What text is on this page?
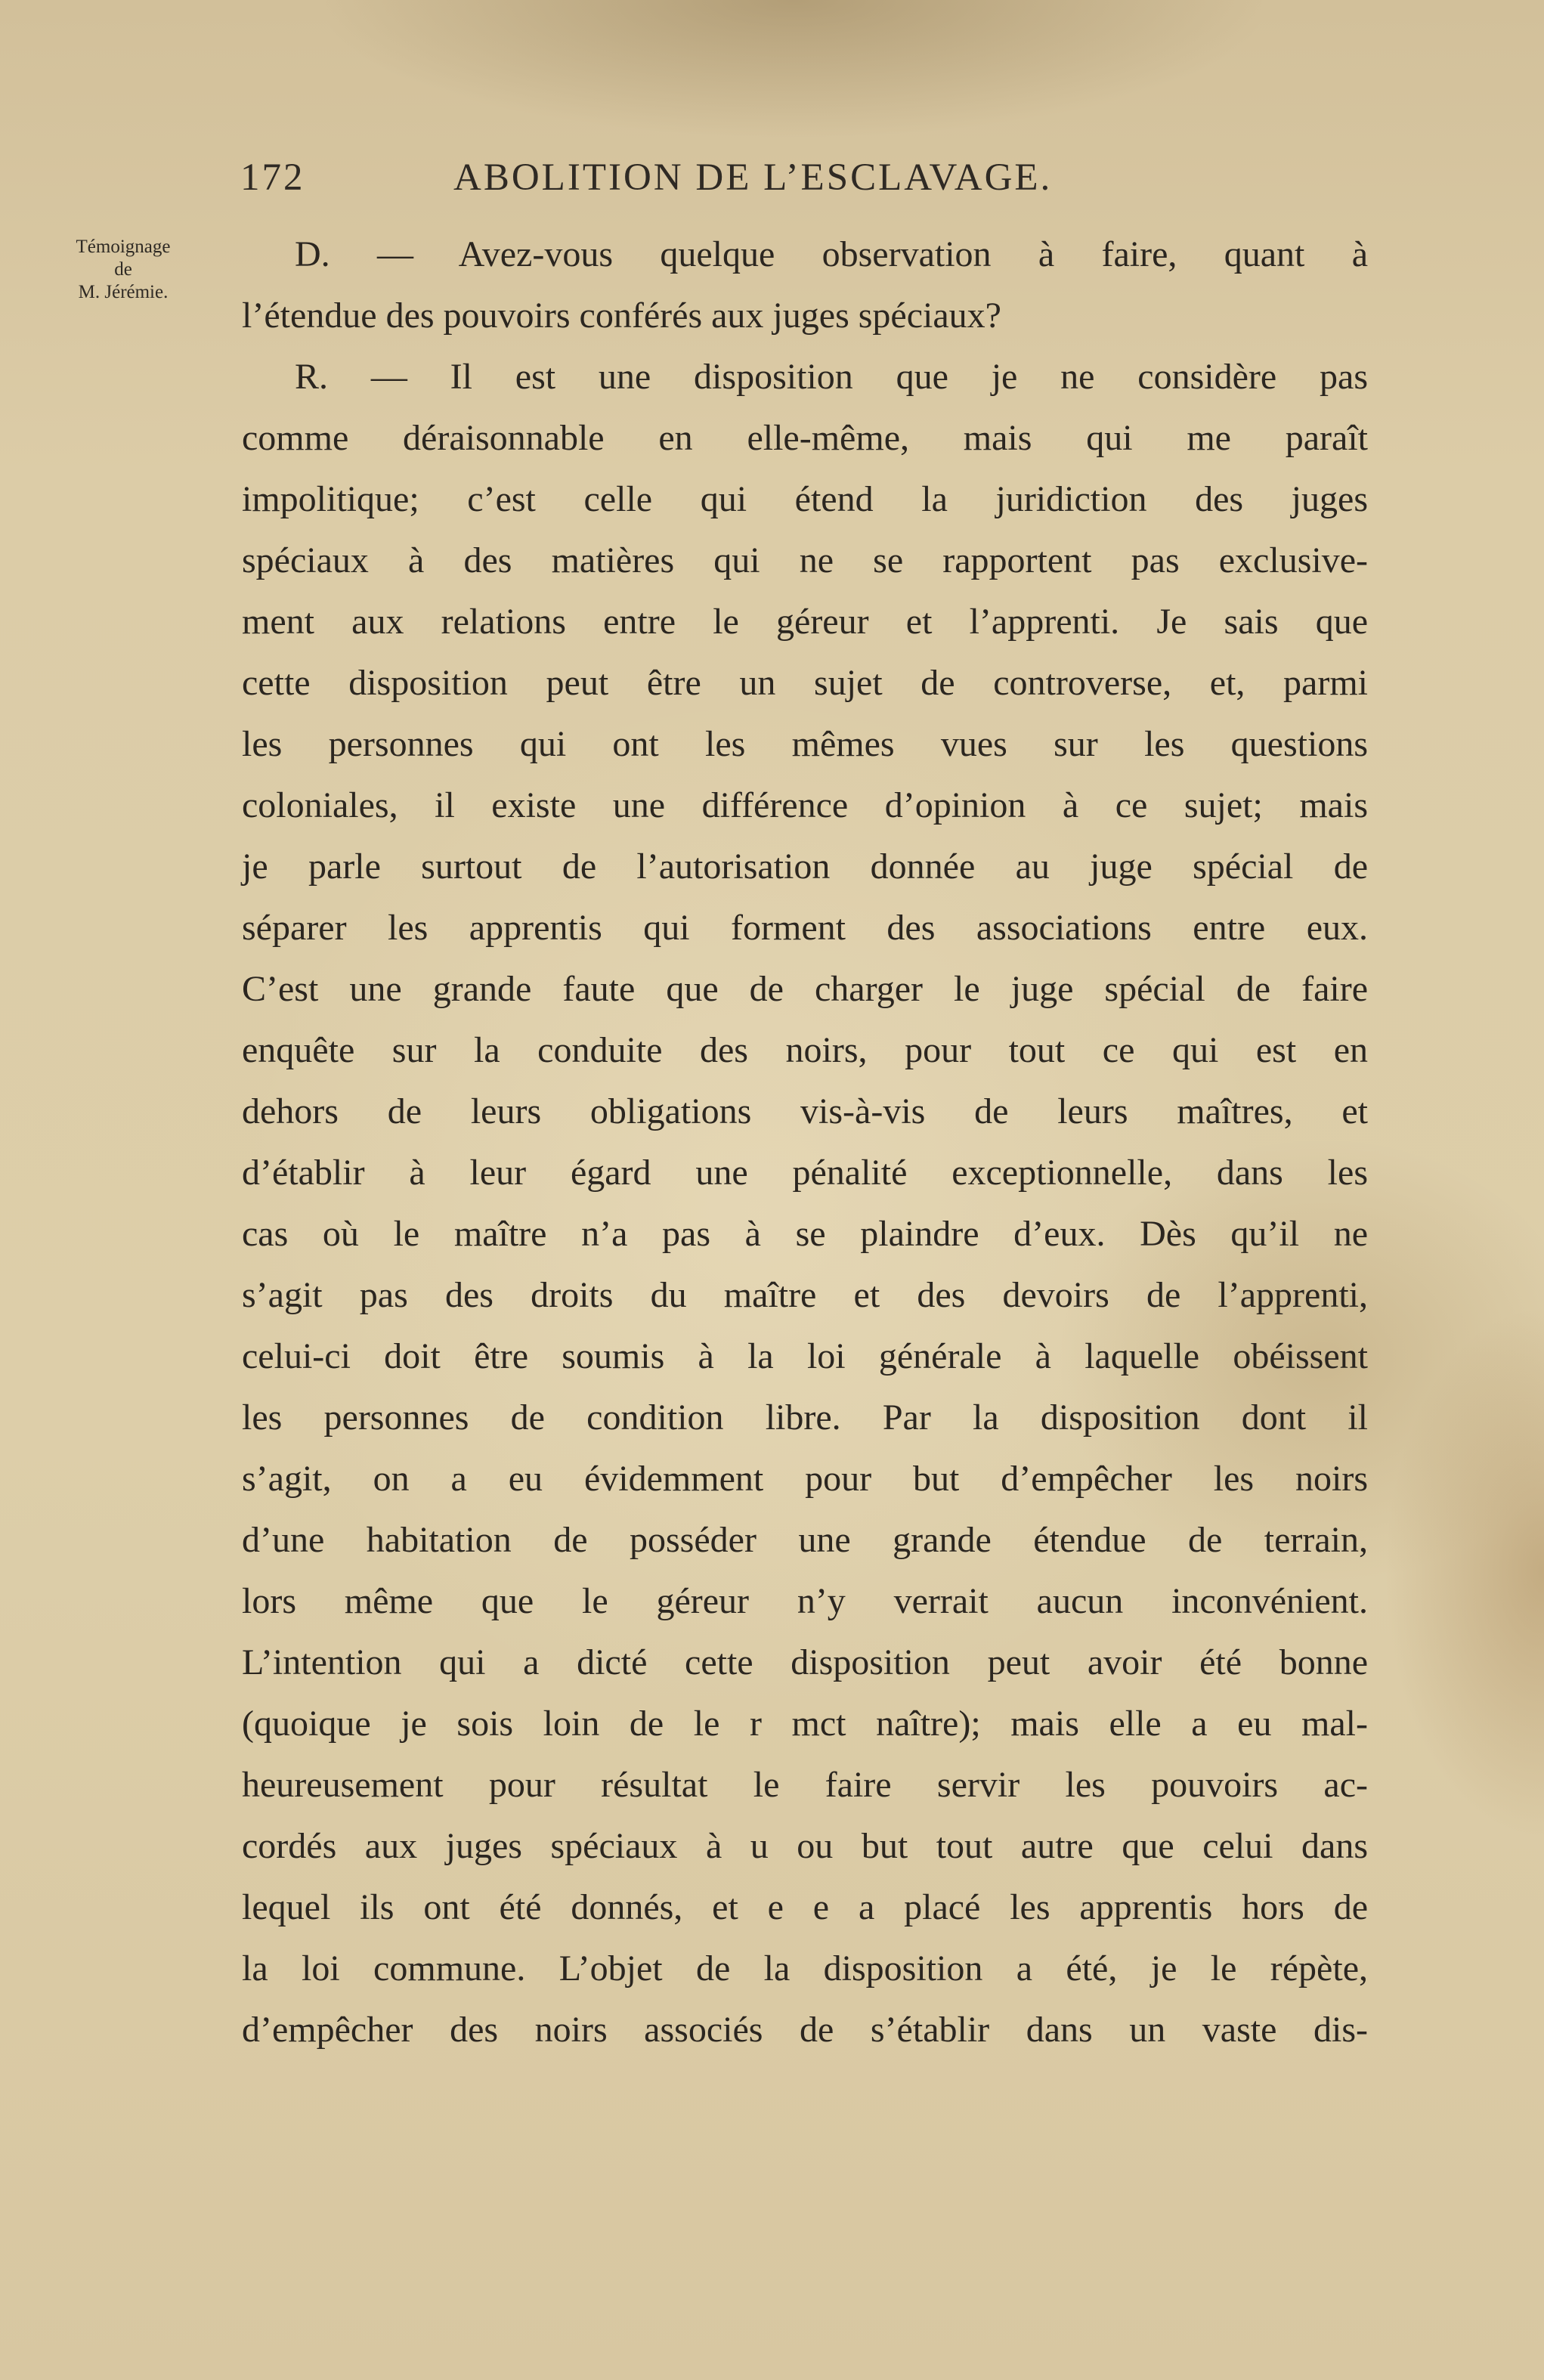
172	ABOLITION DE L’ESCLAVAGE.
Témoignage
de
M. Jérémie.
D. — Avez-vous quelque observation à faire, quant à
l’étendue des pouvoirs conférés aux juges spéciaux?
R. — Il est une disposition que je ne considère pas
comme déraisonnable en elle-même, mais qui me paraît
impolitique; c’est celle qui étend la juridiction des juges
spéciaux à des matières qui ne se rapportent pas exclusive-
ment aux relations entre le géreur et l’apprenti. Je sais que
cette disposition peut être un sujet de controverse, et, parmi
les personnes qui ont les mêmes vues sur les questions
coloniales, il existe une différence d’opinion à ce sujet; mais
je parle surtout de l’autorisation donnée au juge spécial de
séparer les apprentis qui forment des associations entre eux.
C’est une grande faute que de charger le juge spécial de faire
enquête sur la conduite des noirs, pour tout ce qui est en
dehors de leurs obligations vis-à-vis de leurs maîtres, et
d’établir à leur égard une pénalité exceptionnelle, dans les
cas où le maître n’a pas à se plaindre d’eux. Dès qu’il ne
s’agit pas des droits du maître et des devoirs de l’apprenti,
celui-ci doit être soumis à la loi générale à laquelle obéissent
les personnes de condition libre. Par la disposition dont il
s’agit, on a eu évidemment pour but d’empêcher les noirs
d’une habitation de posséder une grande étendue de terrain,
lors même que le géreur n’y verrait aucun inconvénient.
L’intention qui a dicté cette disposition peut avoir été bonne
(quoique je sois loin de le r mct naître); mais elle a eu mal-
heureusement pour résultat le faire servir les pouvoirs ac-
cordés aux juges spéciaux à u ou but tout autre que celui dans
lequel ils ont été donnés, et e e a placé les apprentis hors de
la loi commune. L’objet de la disposition a été, je le répète,
d’empêcher des noirs associés de s’établir dans un vaste dis-
